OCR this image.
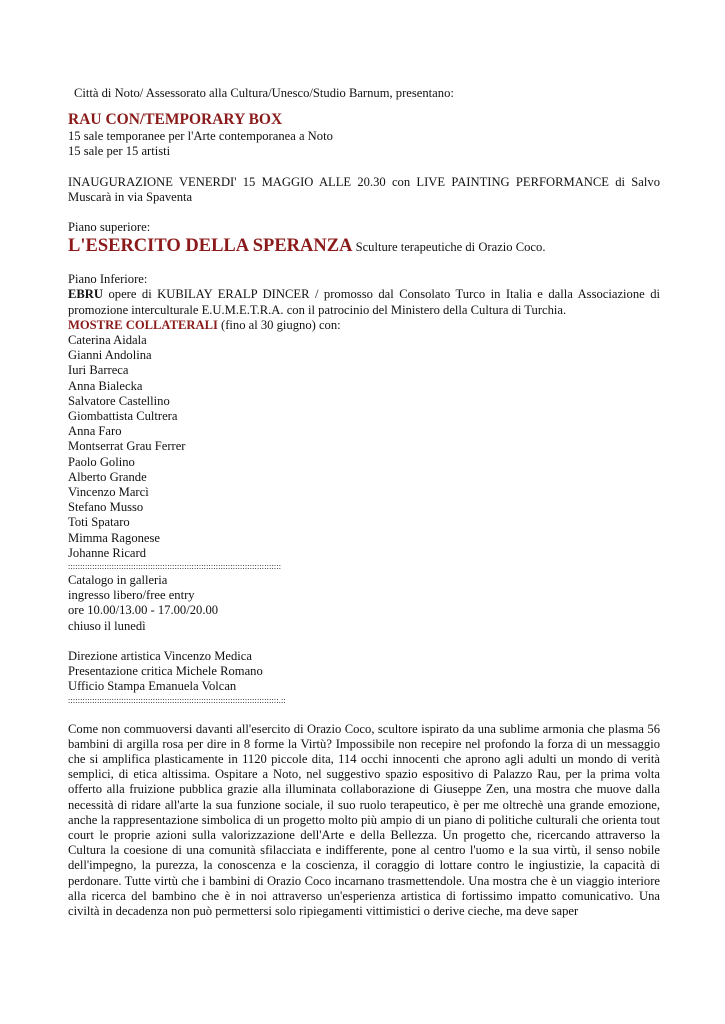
Città di Noto/ Assessorato alla Cultura/Unesco/Studio Barnum, presentano:
RAU CON/TEMPORARY BOX
15 sale temporanee per l'Arte contemporanea a Noto
15 sale per 15 artisti
INAUGURAZIONE VENERDI' 15 MAGGIO ALLE 20.30 con LIVE PAINTING PERFORMANCE di Salvo Muscarà in via Spaventa
Piano superiore:
L'ESERCITO DELLA SPERANZA Sculture terapeutiche di Orazio Coco.
Piano Inferiore:
EBRU opere di KUBILAY ERALP DINCER / promosso dal Consolato Turco in Italia e dalla Associazione di promozione interculturale E.U.M.E.T.R.A. con il patrocinio del Ministero della Cultura di Turchia.
MOSTRE COLLATERALI (fino al 30 giugno) con:
Caterina Aidala
Gianni Andolina
Iuri Barreca
Anna Bialecka
Salvatore Castellino
Giombattista Cultrera
Anna Faro
Montserrat Grau Ferrer
Paolo Golino
Alberto Grande
Vincenzo Marcì
Stefano Musso
Toti Spataro
Mimma Ragonese
Johanne Ricard
::::::::::::::::::::::::::::::::::::::::::::::::::::::::::::::::::::::::::::::::::::::::
Catalogo in galleria
ingresso libero/free entry
ore 10.00/13.00 - 17.00/20.00
chiuso il lunedì
Direzione artistica Vincenzo Medica
Presentazione critica Michele Romano
Ufficio Stampa Emanuela Volcan
:::::::::::::::::::::::::::::::::::::::::::::::::::::::::::::::::::::::::::::::::::::::.::
Come non commuoversi davanti all'esercito di Orazio Coco, scultore ispirato da una sublime armonia che plasma 56 bambini di argilla rosa per dire in 8 forme la Virtù? Impossibile non recepire nel profondo la forza di un messaggio che si amplifica plasticamente in 1120 piccole dita, 114 occhi innocenti che aprono agli adulti un mondo di verità semplici, di etica altissima. Ospitare a Noto, nel suggestivo spazio espositivo di Palazzo Rau, per la prima volta offerto alla fruizione pubblica grazie alla illuminata collaborazione di Giuseppe Zen, una mostra che muove dalla necessità di ridare all'arte la sua funzione sociale, il suo ruolo terapeutico, è per me oltrechè una grande emozione, anche la rappresentazione simbolica di un progetto molto più ampio di un piano di politiche culturali che orienta tout court le proprie azioni sulla valorizzazione dell'Arte e della Bellezza. Un progetto che, ricercando attraverso la Cultura la coesione di una comunità sfilacciata e indifferente, pone al centro l'uomo e la sua virtù, il senso nobile dell'impegno, la purezza, la conoscenza e la coscienza, il coraggio di lottare contro le ingiustizie, la capacità di perdonare. Tutte virtù che i bambini di Orazio Coco incarnano trasmettendole. Una mostra che è un viaggio interiore alla ricerca del bambino che è in noi attraverso un'esperienza artistica di fortissimo impatto comunicativo. Una civiltà in decadenza non può permettersi solo ripiegamenti vittimistici o derive cieche, ma deve saper
